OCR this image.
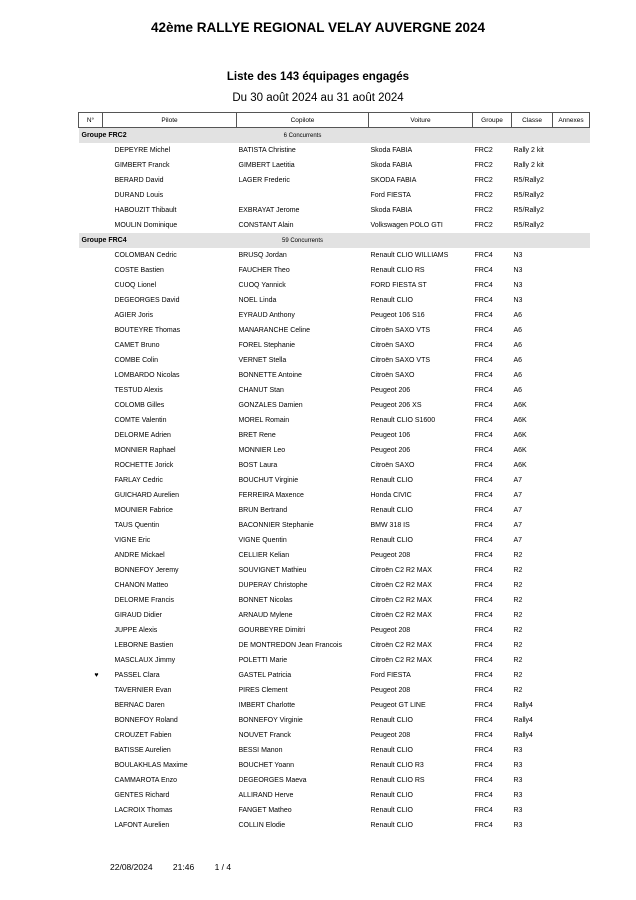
42ème RALLYE REGIONAL VELAY AUVERGNE 2024
Liste des 143 équipages engagés
Du 30 août 2024 au 31 août 2024
N°	Pilote	Copilote	Voiture	Groupe	Classe	Annexes
Groupe FRC2		6 Concurrents				
	DEPEYRE Michel	BATISTA Christine	Skoda FABIA	FRC2	Rally 2 kit	
	GIMBERT Franck	GIMBERT Laetitia	Skoda FABIA	FRC2	Rally 2 kit	
	BERARD David	LAGER Frederic	SKODA FABIA	FRC2	R5/Rally2	
	DURAND Louis		Ford FIESTA	FRC2	R5/Rally2	
	HABOUZIT Thibault	EXBRAYAT Jerome	Skoda FABIA	FRC2	R5/Rally2	
	MOULIN Dominique	CONSTANT Alain	Volkswagen POLO GTI	FRC2	R5/Rally2	
Groupe FRC4		59 Concurrents				
	COLOMBAN Cedric	BRUSQ Jordan	Renault CLIO WILLIAMS	FRC4	N3	
	COSTE Bastien	FAUCHER Theo	Renault CLIO RS	FRC4	N3	
	CUOQ Lionel	CUOQ Yannick	FORD FIESTA ST	FRC4	N3	
	DEGEORGES David	NOEL Linda	Renault CLIO	FRC4	N3	
	AGIER Joris	EYRAUD Anthony	Peugeot 106 S16	FRC4	A6	
	BOUTEYRE Thomas	MANARANCHE Celine	Citroën SAXO VTS	FRC4	A6	
	CAMET Bruno	FOREL Stephanie	Citroën SAXO	FRC4	A6	
	COMBE Colin	VERNET Stella	Citroën SAXO VTS	FRC4	A6	
	LOMBARDO Nicolas	BONNETTE Antoine	Citroën SAXO	FRC4	A6	
	TESTUD Alexis	CHANUT Stan	Peugeot 206	FRC4	A6	
	COLOMB Gilles	GONZALES Damien	Peugeot 206 XS	FRC4	A6K	
	COMTE Valentin	MOREL Romain	Renault CLIO S1600	FRC4	A6K	
	DELORME Adrien	BRET Rene	Peugeot 106	FRC4	A6K	
	MONNIER Raphael	MONNIER Leo	Peugeot 206	FRC4	A6K	
	ROCHETTE Jorick	BOST Laura	Citroën SAXO	FRC4	A6K	
	FARLAY Cedric	BOUCHUT Virginie	Renault CLIO	FRC4	A7	
	GUICHARD Aurelien	FERREIRA Maxence	Honda CIVIC	FRC4	A7	
	MOUNIER Fabrice	BRUN Bertrand	Renault CLIO	FRC4	A7	
	TAUS Quentin	BACONNIER Stephanie	BMW 318 IS	FRC4	A7	
	VIGNE Eric	VIGNE Quentin	Renault CLIO	FRC4	A7	
	ANDRE Mickael	CELLIER Kelian	Peugeot 208	FRC4	R2	
	BONNEFOY Jeremy	SOUVIGNET Mathieu	Citroën C2 R2 MAX	FRC4	R2	
	CHANON Matteo	DUPERAY Christophe	Citroën C2 R2 MAX	FRC4	R2	
	DELORME Francis	BONNET Nicolas	Citroën C2 R2 MAX	FRC4	R2	
	GIRAUD Didier	ARNAUD Mylene	Citroën C2 R2 MAX	FRC4	R2	
	JUPPE Alexis	GOURBEYRE Dimitri	Peugeot 208	FRC4	R2	
	LEBORNE Bastien	DE MONTREDON Jean Francois	Citroën C2 R2 MAX	FRC4	R2	
	MASCLAUX Jimmy	POLETTI Marie	Citroën C2 R2 MAX	FRC4	R2	
♥	PASSEL Clara	GASTEL Patricia	Ford FIESTA	FRC4	R2	
	TAVERNIER Evan	PIRES Clement	Peugeot 208	FRC4	R2	
	BERNAC Daren	IMBERT Charlotte	Peugeot GT LINE	FRC4	Rally4	
	BONNEFOY Roland	BONNEFOY Virginie	Renault CLIO	FRC4	Rally4	
	CROUZET Fabien	NOUVET Franck	Peugeot 208	FRC4	Rally4	
	BATISSE Aurelien	BESSI Manon	Renault CLIO	FRC4	R3	
	BOULAKHLAS Maxime	BOUCHET Yoann	Renault CLIO R3	FRC4	R3	
	CAMMAROTA Enzo	DEGEORGES Maeva	Renault CLIO RS	FRC4	R3	
	GENTES Richard	ALLIRAND Herve	Renault CLIO	FRC4	R3	
	LACROIX Thomas	FANGET Matheo	Renault CLIO	FRC4	R3	
	LAFONT Aurelien	COLLIN Elodie	Renault CLIO	FRC4	R3	
22/08/2024 21:46 1 / 4
